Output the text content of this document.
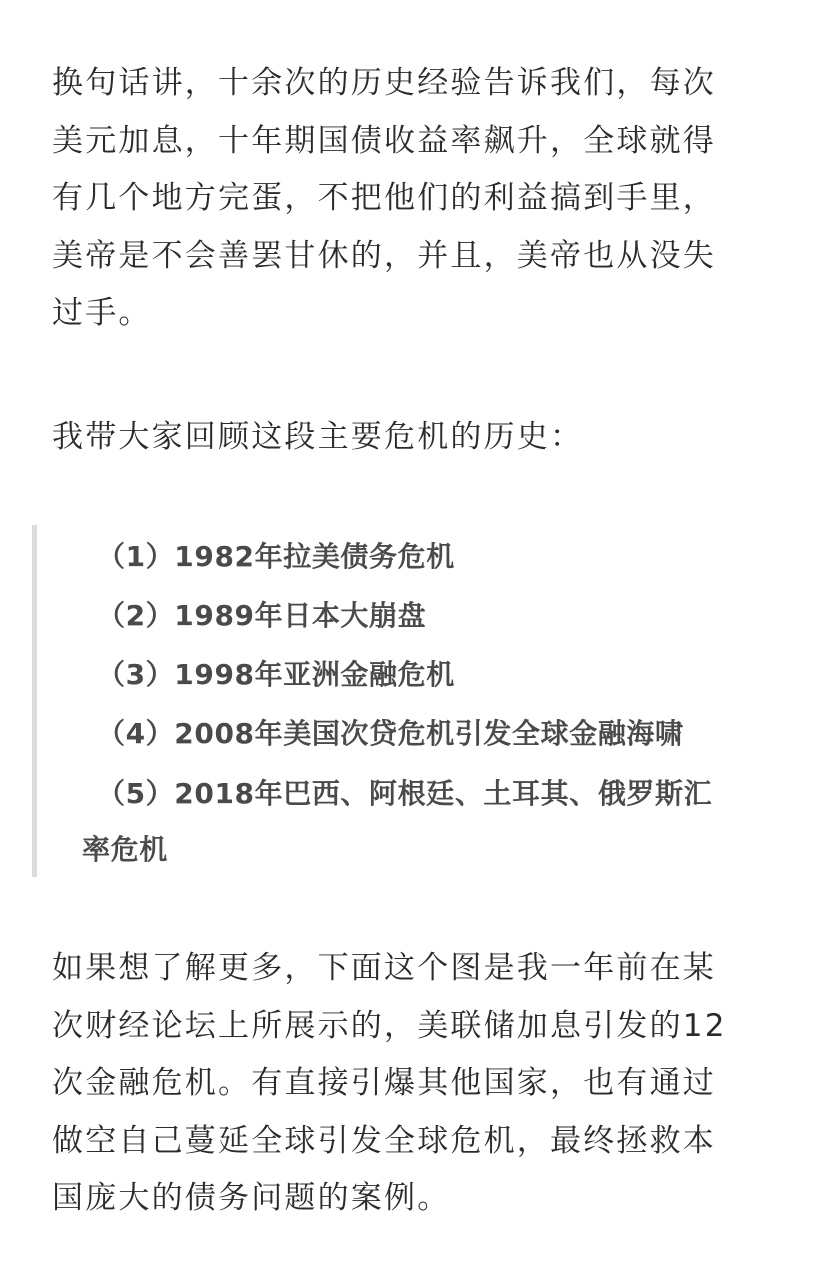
换句话讲，十余次的历史经验告诉我们，每次
美元加息，十年期国债收益率飙升，全球就得
有几个地方完蛋，不把他们的利益搞到手里，
美帝是不会善罢甘休的，并且，美帝也从没失
过手。

我带大家回顾这段主要危机的历史：

（1）1982年拉美债务危机

（2）1989年日本大崩盘

（3）1998年亚洲金融危机

（4）2008年美国次贷危机引发全球金融海啸

（5）2018年巴西、阿根廷、土耳其、俄罗斯汇

率危机

如果想了解更多，下面这个图是我一年前在某
次财经论坛上所展示的，美联储加息引发的12
次金融危机。有直接引爆其他国家，也有通过
做空自己蔓延全球引发全球危机，最终拯救本
国庞大的债务问题的案例。
